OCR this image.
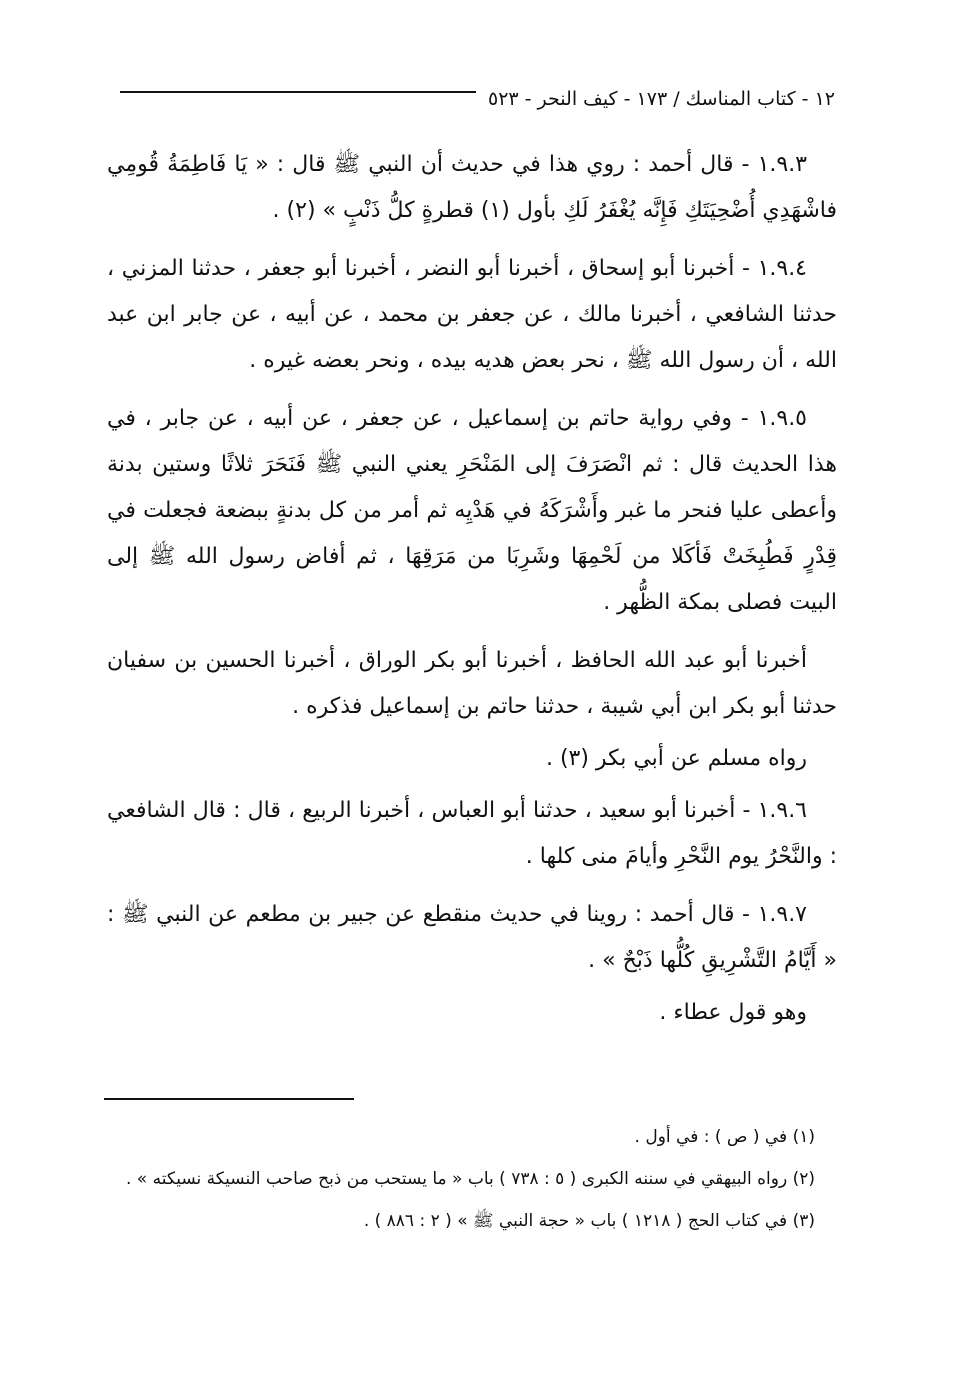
١٢ - كتاب المناسك / ١٧٣ - كيف النحر - ٥٢٣

١.٩.٣ - قال أحمد : روي هذا في حديث أن النبي ﷺ قال : « يَا فَاطِمَةُ قُومِي فاشْهَدِي أُضْحِيَتَكِ فَإِنَّه يُغْفَرُ لَكِ بأول (١) قطرةٍ كلُّ ذَنْبٍ » (٢) .

١.٩.٤ - أخبرنا أبو إسحاق ، أخبرنا أبو النضر ، أخبرنا أبو جعفر ، حدثنا المزني ، حدثنا الشافعي ، أخبرنا مالك ، عن جعفر بن محمد ، عن أبيه ، عن جابر ابن عبد الله ، أن رسول الله ﷺ ، نحر بعض هديه بيده ، ونحر بعضه غيره .

١.٩.٥ - وفي رواية حاتم بن إسماعيل ، عن جعفر ، عن أبيه ، عن جابر ، في هذا الحديث قال : ثم انْصَرَفَ إلى المَنْحَرِ يعني النبي ﷺ فَنَحَرَ ثلاثًا وستين بدنة وأعطى عليا فنحر ما غبر وأَشْرَكَهُ في هَدْيِه ثم أمر من كل بدنةٍ ببضعة فجعلت في قِدْرٍ فَطُبِخَتْ فَأكَلا من لَحْمِهَا وشَرِبَا من مَرَقِهَا ، ثم أفاض رسول الله ﷺ إلى البيت فصلى بمكة الظُّهر .

أخبرنا أبو عبد الله الحافظ ، أخبرنا أبو بكر الوراق ، أخبرنا الحسين بن سفيان حدثنا أبو بكر ابن أبي شيبة ، حدثنا حاتم بن إسماعيل فذكره .

رواه مسلم عن أبي بكر (٣) .

١.٩.٦ - أخبرنا أبو سعيد ، حدثنا أبو العباس ، أخبرنا الربيع ، قال : قال الشافعي : والنَّحْرُ يوم النَّحْرِ وأيامَ منى كلها .

١.٩.٧ - قال أحمد : روينا في حديث منقطع عن جبير بن مطعم عن النبي ﷺ : « أَيَّامُ التَّشْرِيقِ كُلُّها ذَبْحٌ » .

وهو قول عطاء .

(١) في ( ص ) : في أول .

(٢) رواه البيهقي في سننه الكبرى ( ٥ : ٧٣٨ ) باب « ما يستحب من ذبح صاحب النسيكة نسيكته » .

(٣) في كتاب الحج ( ١٢١٨ ) باب « حجة النبي ﷺ » ( ٢ : ٨٨٦ ) .
